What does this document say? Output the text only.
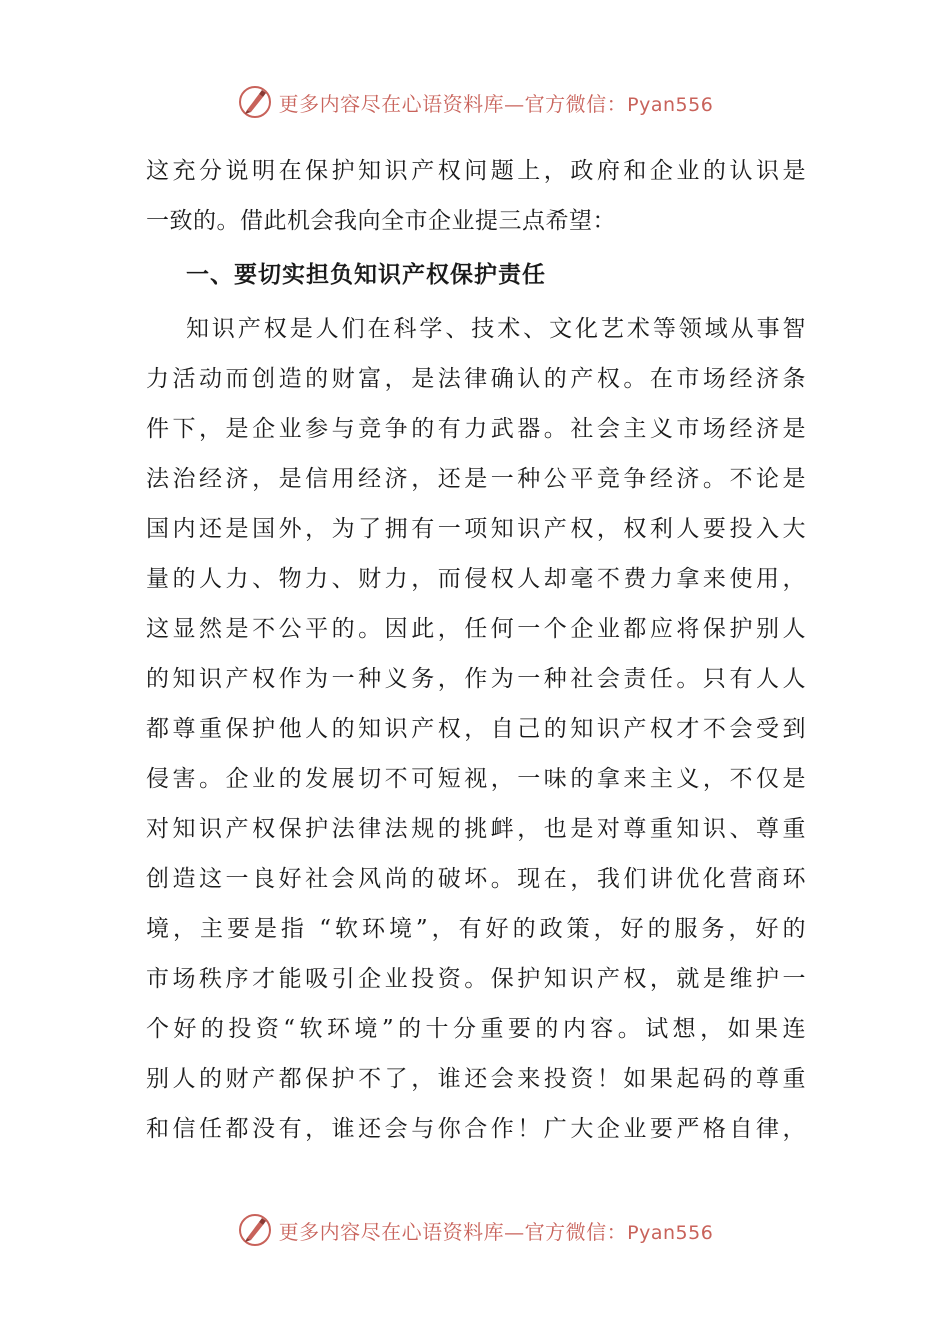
更多内容尽在心语资料库—官方微信：Pyan556
这充分说明在保护知识产权问题上，政府和企业的认识是
一致的。借此机会我向全市企业提三点希望：
一、要切实担负知识产权保护责任
知识产权是人们在科学、技术、文化艺术等领域从事智
力活动而创造的财富，是法律确认的产权。在市场经济条
件下，是企业参与竞争的有力武器。社会主义市场经济是
法治经济，是信用经济，还是一种公平竞争经济。不论是
国内还是国外，为了拥有一项知识产权，权利人要投入大
量的人力、物力、财力，而侵权人却毫不费力拿来使用，
这显然是不公平的。因此，任何一个企业都应将保护别人
的知识产权作为一种义务，作为一种社会责任。只有人人
都尊重保护他人的知识产权，自己的知识产权才不会受到
侵害。企业的发展切不可短视，一味的拿来主义，不仅是
对知识产权保护法律法规的挑衅，也是对尊重知识、尊重
创造这一良好社会风尚的破坏。现在，我们讲优化营商环
境，主要是指 “软环境”，有好的政策，好的服务，好的
市场秩序才能吸引企业投资。保护知识产权，就是维护一
个好的投资“软环境”的十分重要的内容。试想，如果连
别人的财产都保护不了，谁还会来投资！如果起码的尊重
和信任都没有，谁还会与你合作！广大企业要严格自律，
更多内容尽在心语资料库—官方微信：Pyan556
